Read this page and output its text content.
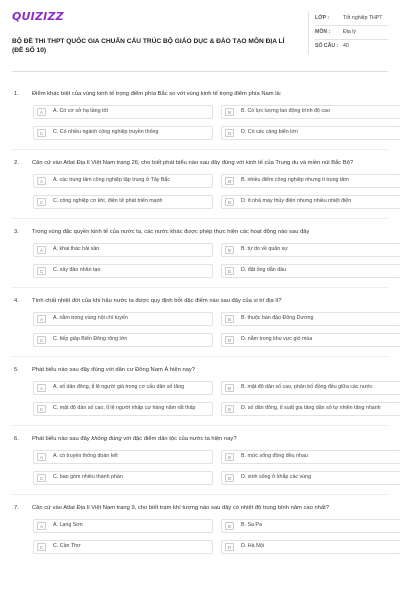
QUIZIZZ
BỘ ĐỀ THI THPT QUỐC GIA CHUẨN CẤU TRÚC BỘ GIÁO DỤC & ĐÀO TẠO MÔN ĐỊA LÍ (ĐỀ SỐ 10)
LỚP :	Tốt nghiệp THPT
MÔN :	Địa lý
SỐ CÂU : 40
1.	Điểm khác biệt của vùng kinh tế trọng điểm phía Bắc so với vùng kinh tế trọng điểm phía Nam là:
A	A. Có cơ sở hạ tầng tốt	B	B. Có lực lượng lao động trình độ cao
C	C. Có nhiều ngành công nghiệp truyền thống	D	D. Có các cảng biển lớn
2.	Căn cứ vào Atlat Địa lí Việt Nam trang 26, cho biết phát biểu nào sau đây đúng với kinh tế của Trung du và miền núi Bắc Bộ?
A	A. các trung tâm công nghiệp tập trung ở Tây Bắc	B	B. nhiều điểm công nghiệp nhưng ít trung tâm
C	C. công nghiệp cơ khí, điện tử phát triển mạnh	D	D. ít nhà máy thủy điện nhưng nhiều nhiệt điện
3.	Trong vùng đặc quyền kinh tế của nước ta, các nước khác được phép thực hiện các hoạt động nào sau đây
A	A. khai thác hải sản	B	B. tự do về quân sự
C	C. xây đảo nhân tạo	D	D. đặt ống dẫn dầu
4.	Tính chất nhiệt đới của khí hậu nước ta được quy định bởi đặc điểm nào sau đây của vị trí địa lí?
A	A. nằm trong vùng nội chí tuyến	B	B. thuộc bán đảo Đông Dương
C	C. tiếp giáp Biển Đông rộng lớn	D	D. nằm trong khu vực gió mùa
5.	Phát biểu nào sau đây đúng với dân cư Đông Nam Á hiện nay?
A	A. số dân đông, tỉ lệ người già trong cơ cấu dân số tăng	B	B. mật độ dân số cao, phân bố đồng đều giữa các nước
C	C. mật độ dân số cao, tỉ lệ người nhập cư hàng năm rất thấp	D	D. số dân đông, tỉ suất gia tăng dân số tự nhiên tăng nhanh
6.	Phát biểu nào sau đây không đúng với đặc điểm dân tộc của nước ta hiện nay?
A	A. có truyền thống đoàn kết	B	B. mức sống đồng đều nhau
C	C. bao gồm nhiều thành phần	D	D. sinh sống ở khắp các vùng
7.	Căn cứ vào Atlat Địa lí Việt Nam trang 9, cho biết trạm khí tượng nào sau đây có nhiệt độ trung bình năm cao nhất?
A	A. Lạng Sơn	B	B. Sa Pa
C	C. Cần Thơ	D	D. Hà Nội
